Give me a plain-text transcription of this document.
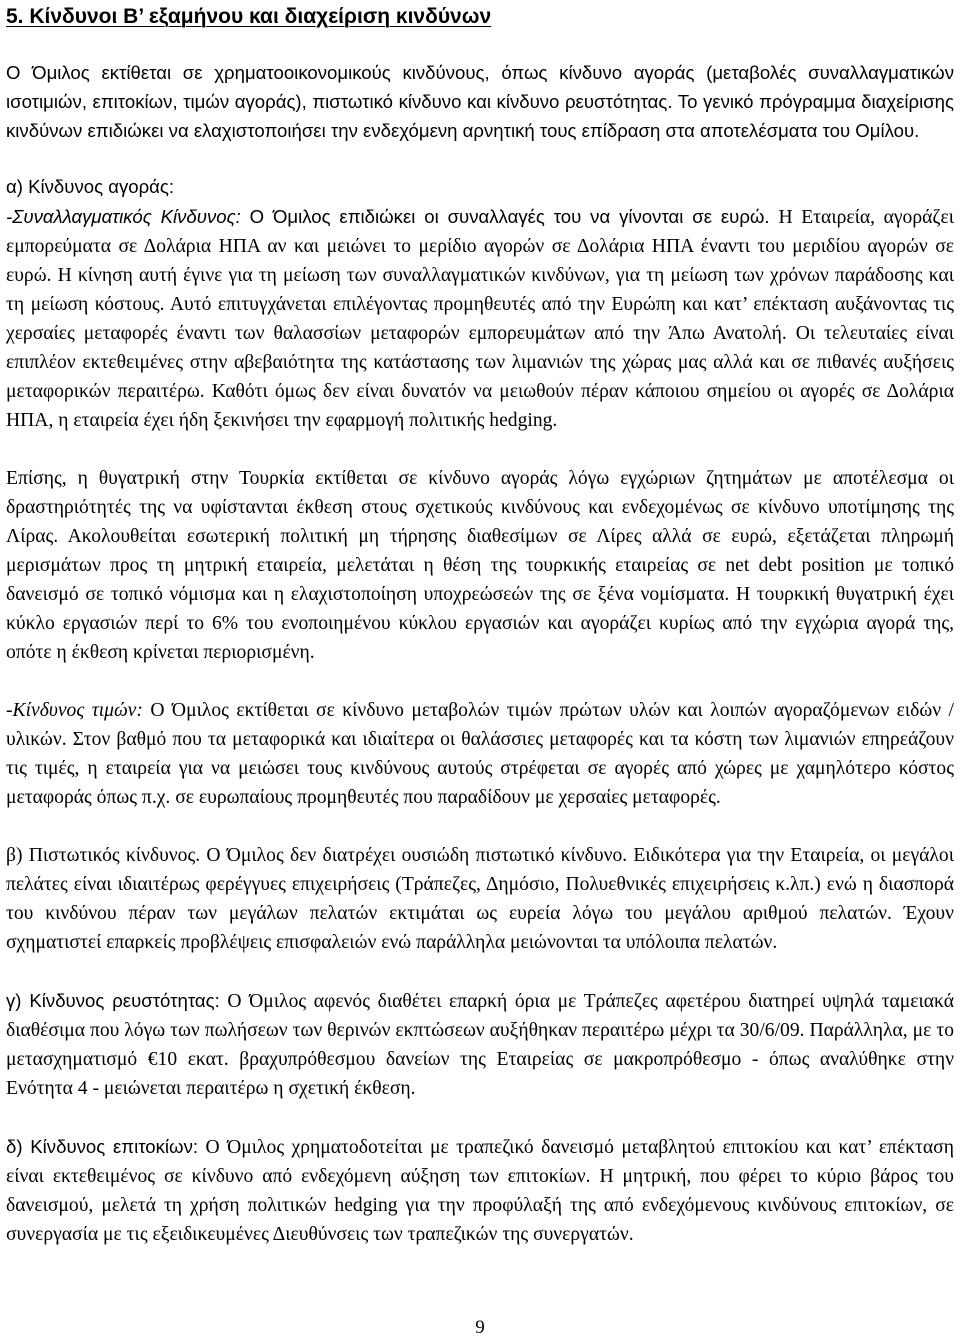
5. Κίνδυνοι Β’ εξαμήνου και διαχείριση κινδύνων

Ο Όμιλος εκτίθεται σε χρηματοοικονομικούς κινδύνους, όπως κίνδυνο αγοράς (μεταβολές συναλλαγματικών ισοτιμιών, επιτοκίων, τιμών αγοράς), πιστωτικό κίνδυνο και κίνδυνο ρευστότητας. Το γενικό πρόγραμμα διαχείρισης κινδύνων επιδιώκει να ελαχιστοποιήσει την ενδεχόμενη αρνητική τους επίδραση στα αποτελέσματα του Ομίλου.

α) Κίνδυνος αγοράς:
-Συναλλαγματικός Κίνδυνος: Ο Όμιλος επιδιώκει οι συναλλαγές του να γίνονται σε ευρώ. Η Εταιρεία, αγοράζει εμπορεύματα σε Δολάρια ΗΠΑ αν και μειώνει το μερίδιο αγορών σε Δολάρια ΗΠΑ έναντι του μεριδίου αγορών σε ευρώ. Η κίνηση αυτή έγινε για τη μείωση των συναλλαγματικών κινδύνων, για τη μείωση των χρόνων παράδοσης και τη μείωση κόστους. Αυτό επιτυγχάνεται επιλέγοντας προμηθευτές από την Ευρώπη και κατ’ επέκταση αυξάνοντας τις χερσαίες μεταφορές έναντι των θαλασσίων μεταφορών εμπορευμάτων από την Άπω Ανατολή. Οι τελευταίες είναι επιπλέον εκτεθειμένες στην αβεβαιότητα της κατάστασης των λιμανιών της χώρας μας αλλά και σε πιθανές αυξήσεις μεταφορικών περαιτέρω. Καθότι όμως δεν είναι δυνατόν να μειωθούν πέραν κάποιου σημείου οι αγορές σε Δολάρια ΗΠΑ, η εταιρεία έχει ήδη ξεκινήσει την εφαρμογή πολιτικής hedging.

Επίσης, η θυγατρική στην Τουρκία εκτίθεται σε κίνδυνο αγοράς λόγω εγχώριων ζητημάτων με αποτέλεσμα οι δραστηριότητές της να υφίστανται έκθεση στους σχετικούς κινδύνους και ενδεχομένως σε κίνδυνο υποτίμησης της Λίρας. Ακολουθείται εσωτερική πολιτική μη τήρησης διαθεσίμων σε Λίρες αλλά σε ευρώ, εξετάζεται πληρωμή μερισμάτων προς τη μητρική εταιρεία, μελετάται η θέση της τουρκικής εταιρείας σε net debt position με τοπικό δανεισμό σε τοπικό νόμισμα και η ελαχιστοποίηση υποχρεώσεών της σε ξένα νομίσματα. Η τουρκική θυγατρική έχει κύκλο εργασιών περί το 6% του ενοποιημένου κύκλου εργασιών και αγοράζει κυρίως από την εγχώρια αγορά της, οπότε η έκθεση κρίνεται περιορισμένη.

-Κίνδυνος τιμών: Ο Όμιλος εκτίθεται σε κίνδυνο μεταβολών τιμών πρώτων υλών και λοιπών αγοραζόμενων ειδών / υλικών. Στον βαθμό που τα μεταφορικά και ιδιαίτερα οι θαλάσσιες μεταφορές και τα κόστη των λιμανιών επηρεάζουν τις τιμές, η εταιρεία για να μειώσει τους κινδύνους αυτούς στρέφεται σε αγορές από χώρες με χαμηλότερο κόστος μεταφοράς όπως π.χ. σε ευρωπαίους προμηθευτές που παραδίδουν με χερσαίες μεταφορές.

β) Πιστωτικός κίνδυνος. Ο Όμιλος δεν διατρέχει ουσιώδη πιστωτικό κίνδυνο. Ειδικότερα για την Εταιρεία, οι μεγάλοι πελάτες είναι ιδιαιτέρως φερέγγυες επιχειρήσεις (Τράπεζες, Δημόσιο, Πολυεθνικές επιχειρήσεις κ.λπ.) ενώ η διασπορά του κινδύνου πέραν των μεγάλων πελατών εκτιμάται ως ευρεία λόγω του μεγάλου αριθμού πελατών. Έχουν σχηματιστεί επαρκείς προβλέψεις επισφαλειών ενώ παράλληλα μειώνονται τα υπόλοιπα πελατών.

γ) Κίνδυνος ρευστότητας: Ο Όμιλος αφενός διαθέτει επαρκή όρια με Τράπεζες αφετέρου διατηρεί υψηλά ταμειακά διαθέσιμα που λόγω των πωλήσεων των θερινών εκπτώσεων αυξήθηκαν περαιτέρω μέχρι τα 30/6/09. Παράλληλα, με το μετασχηματισμό €10 εκατ. βραχυπρόθεσμου δανείων της Εταιρείας σε μακροπρόθεσμο - όπως αναλύθηκε στην Ενότητα 4 - μειώνεται περαιτέρω η σχετική έκθεση.

δ) Κίνδυνος επιτοκίων: Ο Όμιλος χρηματοδοτείται με τραπεζικό δανεισμό μεταβλητού επιτοκίου και κατ’ επέκταση είναι εκτεθειμένος σε κίνδυνο από ενδεχόμενη αύξηση των επιτοκίων. Η μητρική, που φέρει το κύριο βάρος του δανεισμού, μελετά τη χρήση πολιτικών hedging για την προφύλαξή της από ενδεχόμενους κινδύνους επιτοκίων, σε συνεργασία με τις εξειδικευμένες Διευθύνσεις των τραπεζικών της συνεργατών.

9
